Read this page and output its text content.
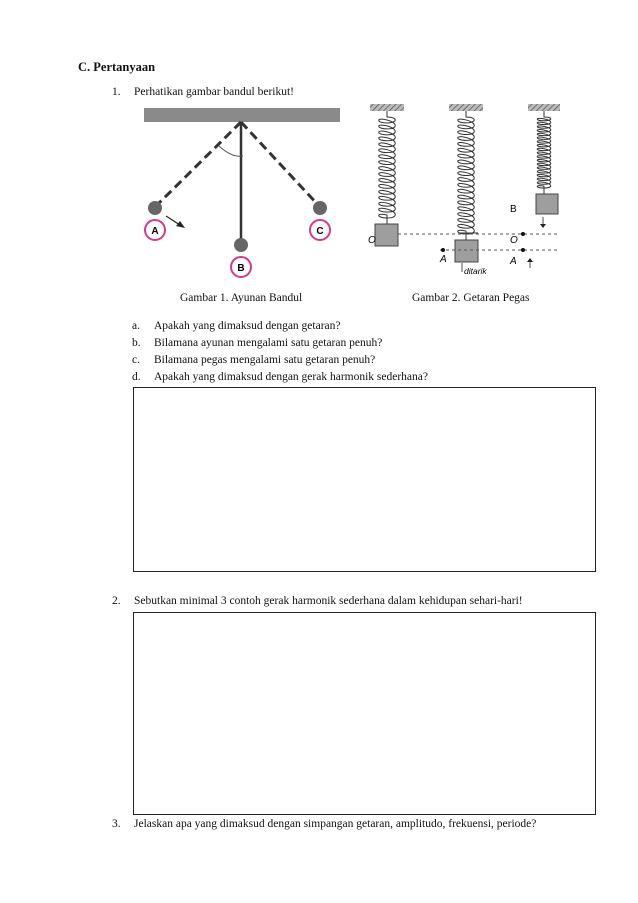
C. Pertanyaan
1. Perhatikan gambar bandul berikut!
A
B
C
O
B
A
O
A
ditarik
Gambar 1. Ayunan Bandul	Gambar 2. Getaran Pegas
a. Apakah yang dimaksud dengan getaran?
b. Bilamana ayunan mengalami satu getaran penuh?
c. Bilamana pegas mengalami satu getaran penuh?
d. Apakah yang dimaksud dengan gerak harmonik sederhana?
2. Sebutkan minimal 3 contoh gerak harmonik sederhana dalam kehidupan sehari-hari!
3. Jelaskan apa yang dimaksud dengan simpangan getaran, amplitudo, frekuensi, periode?
